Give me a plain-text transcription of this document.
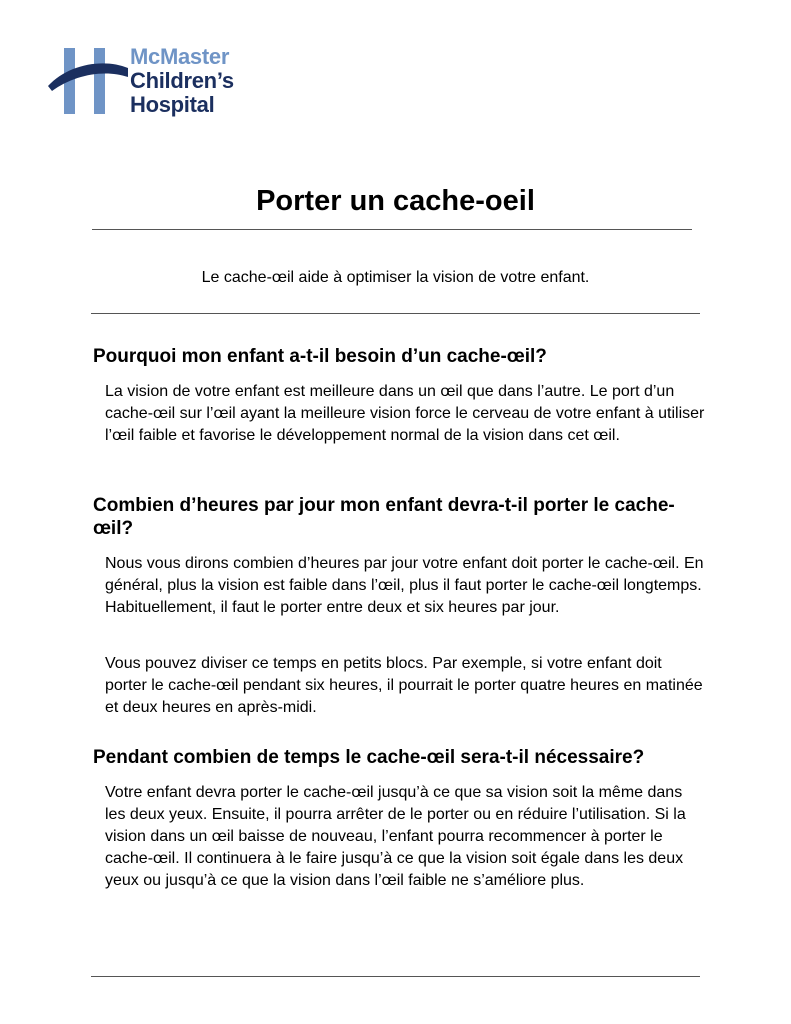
McMaster
Children’s
Hospital
Porter un cache-oeil

Le cache-œil aide à optimiser la vision de votre enfant.

Pourquoi mon enfant a-t-il besoin d’un cache-œil?

La vision de votre enfant est meilleure dans un œil que dans l’autre. Le port d’un cache-œil sur l’œil ayant la meilleure vision force le cerveau de votre enfant à utiliser l’œil faible et favorise le développement normal de la vision dans cet œil.

Combien d’heures par jour mon enfant devra-t-il porter le cache-œil?

Nous vous dirons combien d’heures par jour votre enfant doit porter le cache-œil. En général, plus la vision est faible dans l’œil, plus il faut porter le cache-œil longtemps. Habituellement, il faut le porter entre deux et six heures par jour.

Vous pouvez diviser ce temps en petits blocs. Par exemple, si votre enfant doit porter le cache-œil pendant six heures, il pourrait le porter quatre heures en matinée et deux heures en après-midi.

Pendant combien de temps le cache-œil sera-t-il nécessaire?

Votre enfant devra porter le cache-œil jusqu’à ce que sa vision soit la même dans les deux yeux. Ensuite, il pourra arrêter de le porter ou en réduire l’utilisation. Si la vision dans un œil baisse de nouveau, l’enfant pourra recommencer à porter le cache-œil. Il continuera à le faire jusqu’à ce que la vision soit égale dans les deux yeux ou jusqu’à ce que la vision dans l’œil faible ne s’améliore plus.
